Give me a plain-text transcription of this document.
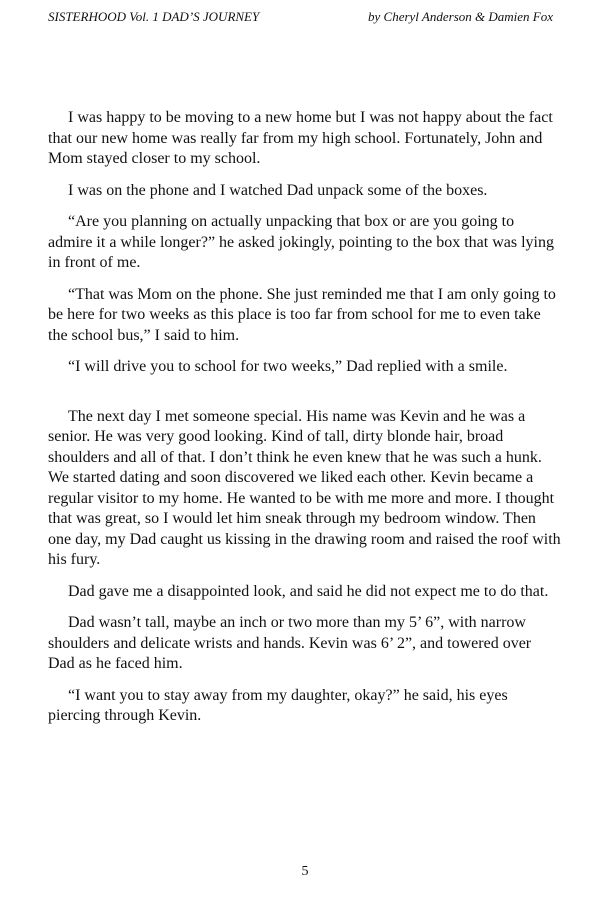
SISTERHOOD Vol. 1 DAD’S JOURNEY	by Cheryl Anderson & Damien Fox

I was happy to be moving to a new home but I was not happy about the fact that our new home was really far from my high school. Fortunately, John and Mom stayed closer to my school.

I was on the phone and I watched Dad unpack some of the boxes.

“Are you planning on actually unpacking that box or are you going to admire it a while longer?” he asked jokingly, pointing to the box that was lying in front of me.

“That was Mom on the phone. She just reminded me that I am only going to be here for two weeks as this place is too far from school for me to even take the school bus,” I said to him.

“I will drive you to school for two weeks,” Dad replied with a smile.

The next day I met someone special. His name was Kevin and he was a senior. He was very good looking. Kind of tall, dirty blonde hair, broad shoulders and all of that. I don’t think he even knew that he was such a hunk. We started dating and soon discovered we liked each other. Kevin became a regular visitor to my home. He wanted to be with me more and more. I thought that was great, so I would let him sneak through my bedroom window. Then one day, my Dad caught us kissing in the drawing room and raised the roof with his fury.

Dad gave me a disappointed look, and said he did not expect me to do that.

Dad wasn’t tall, maybe an inch or two more than my 5’ 6”, with narrow shoulders and delicate wrists and hands. Kevin was 6’ 2”, and towered over Dad as he faced him.

“I want you to stay away from my daughter, okay?” he said, his eyes piercing through Kevin.

5
